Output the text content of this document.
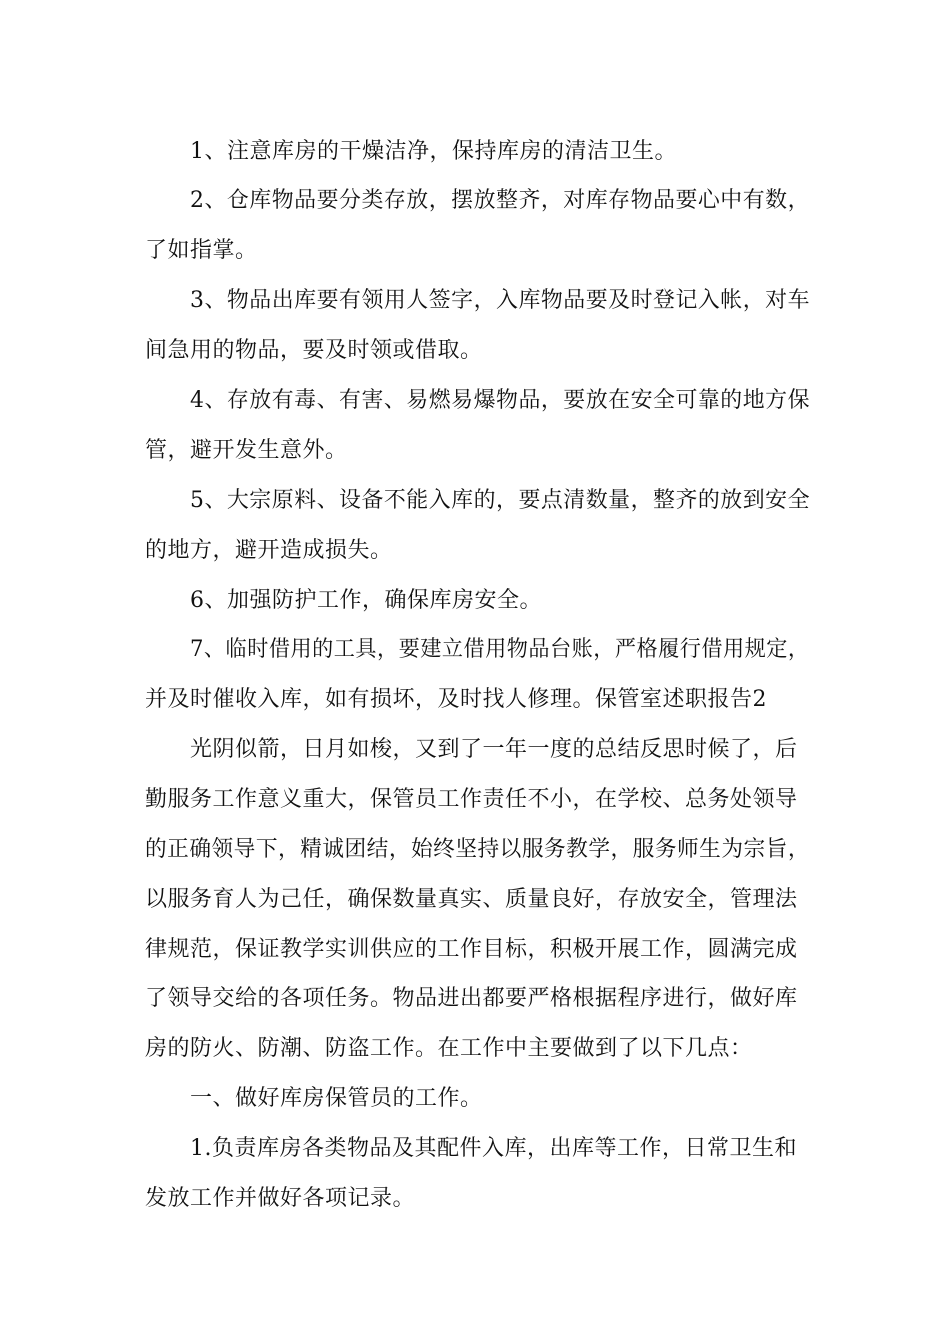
1、注意库房的干燥洁净，保持库房的清洁卫生。
2、仓库物品要分类存放，摆放整齐，对库存物品要心中有数，
了如指掌。
3、物品出库要有领用人签字，入库物品要及时登记入帐，对车
间急用的物品，要及时领或借取。
4、存放有毒、有害、易燃易爆物品，要放在安全可靠的地方保
管，避开发生意外。
5、大宗原料、设备不能入库的，要点清数量，整齐的放到安全
的地方，避开造成损失。
6、加强防护工作，确保库房安全。
7、临时借用的工具，要建立借用物品台账，严格履行借用规定，
并及时催收入库，如有损坏，及时找人修理。保管室述职报告2
光阴似箭，日月如梭，又到了一年一度的总结反思时候了，后
勤服务工作意义重大，保管员工作责任不小，在学校、总务处领导
的正确领导下，精诚团结，始终坚持以服务教学，服务师生为宗旨，
以服务育人为己任，确保数量真实、质量良好，存放安全，管理法
律规范，保证教学实训供应的工作目标，积极开展工作，圆满完成
了领导交给的各项任务。物品进出都要严格根据程序进行，做好库
房的防火、防潮、防盗工作。在工作中主要做到了以下几点：
一、做好库房保管员的工作。
1.负责库房各类物品及其配件入库，出库等工作，日常卫生和
发放工作并做好各项记录。
